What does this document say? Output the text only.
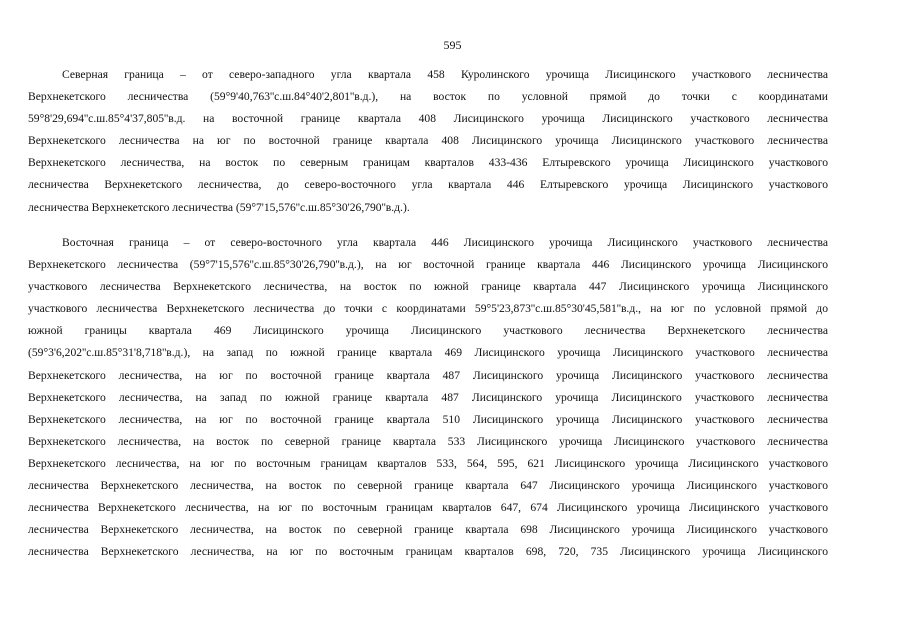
595
Северная граница – от северо-западного угла квартала 458 Куролинского урочища Лисицинского участкового лесничества
Верхнекетского лесничества (59°9'40,763''с.ш.84°40'2,801''в.д.), на восток по условной прямой до точки с координатами
59°8'29,694''с.ш.85°4'37,805''в.д. на восточной границе квартала 408 Лисицинского урочища Лисицинского участкового лесничества
Верхнекетского лесничества на юг по восточной границе квартала 408 Лисицинского урочища Лисицинского участкового лесничества
Верхнекетского лесничества, на восток по северным границам кварталов 433-436 Елтыревского урочища Лисицинского участкового
лесничества Верхнекетского лесничества, до северо-восточного угла квартала 446 Елтыревского урочища Лисицинского участкового
лесничества Верхнекетского лесничества (59°7'15,576''с.ш.85°30'26,790''в.д.).
Восточная граница – от северо-восточного угла квартала 446 Лисицинского урочища Лисицинского участкового лесничества
Верхнекетского лесничества (59°7'15,576''с.ш.85°30'26,790''в.д.), на юг восточной границе квартала 446 Лисицинского урочища Лисицинского
участкового лесничества Верхнекетского лесничества, на восток по южной границе квартала 447 Лисицинского урочища Лисицинского
участкового лесничества Верхнекетского лесничества до точки с координатами 59°5'23,873''с.ш.85°30'45,581''в.д., на юг по условной прямой до
южной границы квартала 469 Лисицинского урочища Лисицинского участкового лесничества Верхнекетского лесничества
(59°3'6,202''с.ш.85°31'8,718''в.д.), на запад по южной границе квартала 469 Лисицинского урочища Лисицинского участкового лесничества
Верхнекетского лесничества, на юг по восточной границе квартала 487 Лисицинского урочища Лисицинского участкового лесничества
Верхнекетского лесничества, на запад по южной границе квартала 487 Лисицинского урочища Лисицинского участкового лесничества
Верхнекетского лесничества, на юг по восточной границе квартала 510 Лисицинского урочища Лисицинского участкового лесничества
Верхнекетского лесничества, на восток по северной границе квартала 533 Лисицинского урочища Лисицинского участкового лесничества
Верхнекетского лесничества, на юг по восточным границам кварталов 533, 564, 595, 621 Лисицинского урочища Лисицинского участкового
лесничества Верхнекетского лесничества, на восток по северной границе квартала 647 Лисицинского урочища Лисицинского участкового
лесничества Верхнекетского лесничества, на юг по восточным границам кварталов 647, 674 Лисицинского урочища Лисицинского участкового
лесничества Верхнекетского лесничества, на восток по северной границе квартала 698 Лисицинского урочища Лисицинского участкового
лесничества Верхнекетского лесничества, на юг по восточным границам кварталов 698, 720, 735 Лисицинского урочища Лисицинского
